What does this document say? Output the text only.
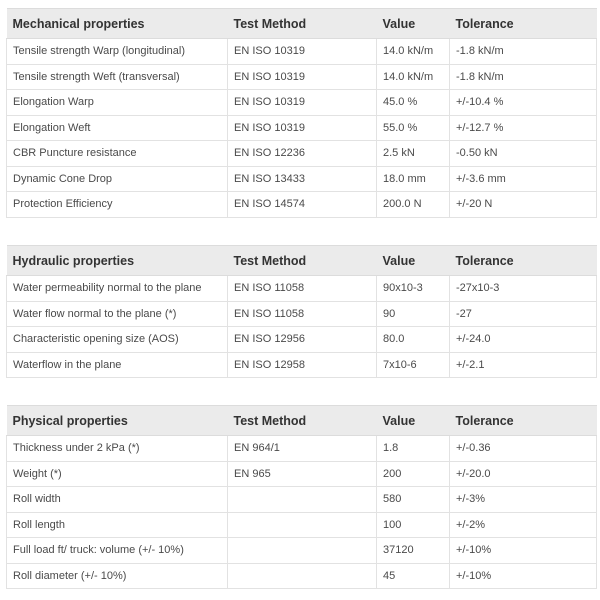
Mechanical properties	Test Method	Value	Tolerance
Tensile strength Warp (longitudinal)	EN ISO 10319	14.0 kN/m	-1.8 kN/m
Tensile strength Weft (transversal)	EN ISO 10319	14.0 kN/m	-1.8 kN/m
Elongation Warp	EN ISO 10319	45.0 %	+/-10.4 %
Elongation Weft	EN ISO 10319	55.0 %	+/-12.7 %
CBR Puncture resistance	EN ISO 12236	2.5 kN	-0.50 kN
Dynamic Cone Drop	EN ISO 13433	18.0 mm	+/-3.6 mm
Protection Efficiency	EN ISO 14574	200.0 N	+/-20 N
Hydraulic properties	Test Method	Value	Tolerance
Water permeability normal to the plane	EN ISO 11058	90x10-3	-27x10-3
Water flow normal to the plane (*)	EN ISO 11058	90	-27
Characteristic opening size (AOS)	EN ISO 12956	80.0	+/-24.0
Waterflow in the plane	EN ISO 12958	7x10-6	+/-2.1
Physical properties	Test Method	Value	Tolerance
Thickness under 2 kPa (*)	EN 964/1	1.8	+/-0.36
Weight (*)	EN 965	200	+/-20.0
Roll width		580	+/-3%
Roll length		100	+/-2%
Full load ft/ truck: volume (+/- 10%)		37120	+/-10%
Roll diameter (+/- 10%)		45	+/-10%
